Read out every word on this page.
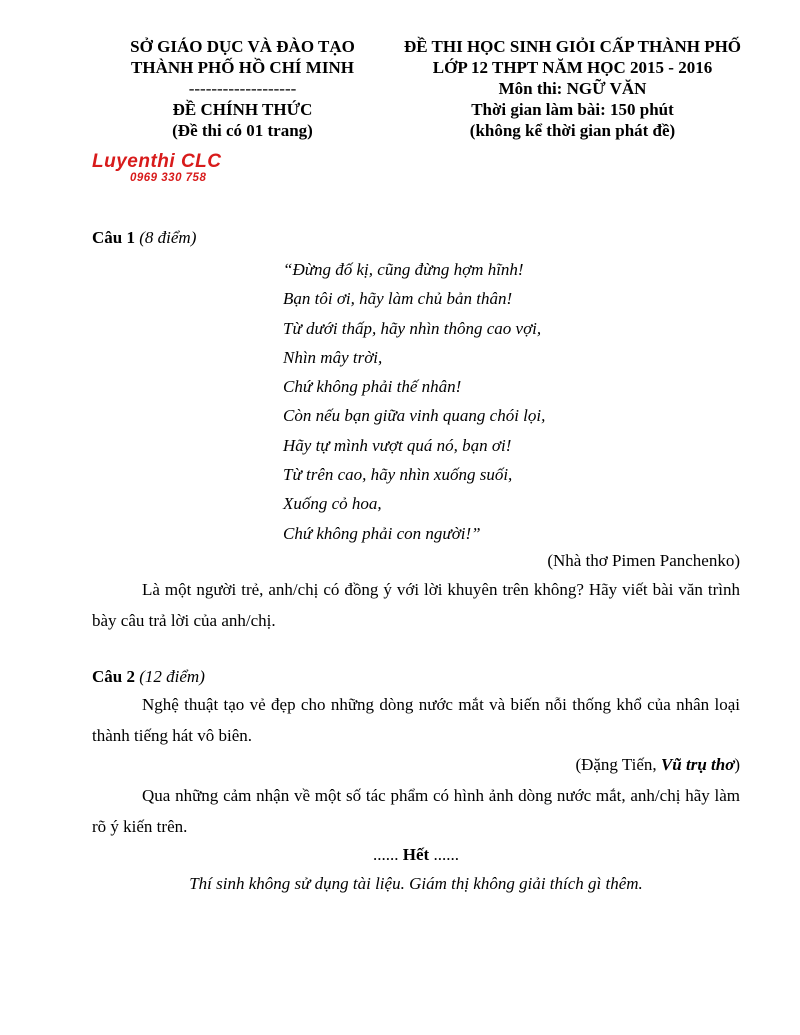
SỞ GIÁO DỤC VÀ ĐÀO TẠO
THÀNH PHỐ HỒ CHÍ MINH
-------------------
ĐỀ CHÍNH THỨC
(Đề thi có 01 trang)
ĐỀ THI HỌC SINH GIỎI CẤP THÀNH PHỐ
LỚP 12 THPT NĂM HỌC 2015 - 2016
Môn thi: NGỮ VĂN
Thời gian làm bài: 150 phút
(không kể thời gian phát đề)
Luyenthi CLC
0969 330 758
Câu 1 (8 điểm)
“Đừng đố kị, cũng đừng hợm hĩnh!
Bạn tôi ơi, hãy làm chủ bản thân!
Từ dưới thấp, hãy nhìn thông cao vợi,
Nhìn mây trời,
Chứ không phải thế nhân!
Còn nếu bạn giữa vinh quang chói lọi,
Hãy tự mình vượt quá nó, bạn ơi!
Từ trên cao, hãy nhìn xuống suối,
Xuống cỏ hoa,
Chứ không phải con người!”
(Nhà thơ Pimen Panchenko)
Là một người trẻ, anh/chị có đồng ý với lời khuyên trên không? Hãy viết bài văn trình bày câu trả lời của anh/chị.
Câu 2 (12 điểm)
Nghệ thuật tạo vẻ đẹp cho những dòng nước mắt và biến nỗi thống khổ của nhân loại thành tiếng hát vô biên.
(Đặng Tiến, Vũ trụ thơ)
Qua những cảm nhận về một số tác phẩm có hình ảnh dòng nước mắt, anh/chị hãy làm rõ ý kiến trên.
...... Hết ......
Thí sinh không sử dụng tài liệu. Giám thị không giải thích gì thêm.
